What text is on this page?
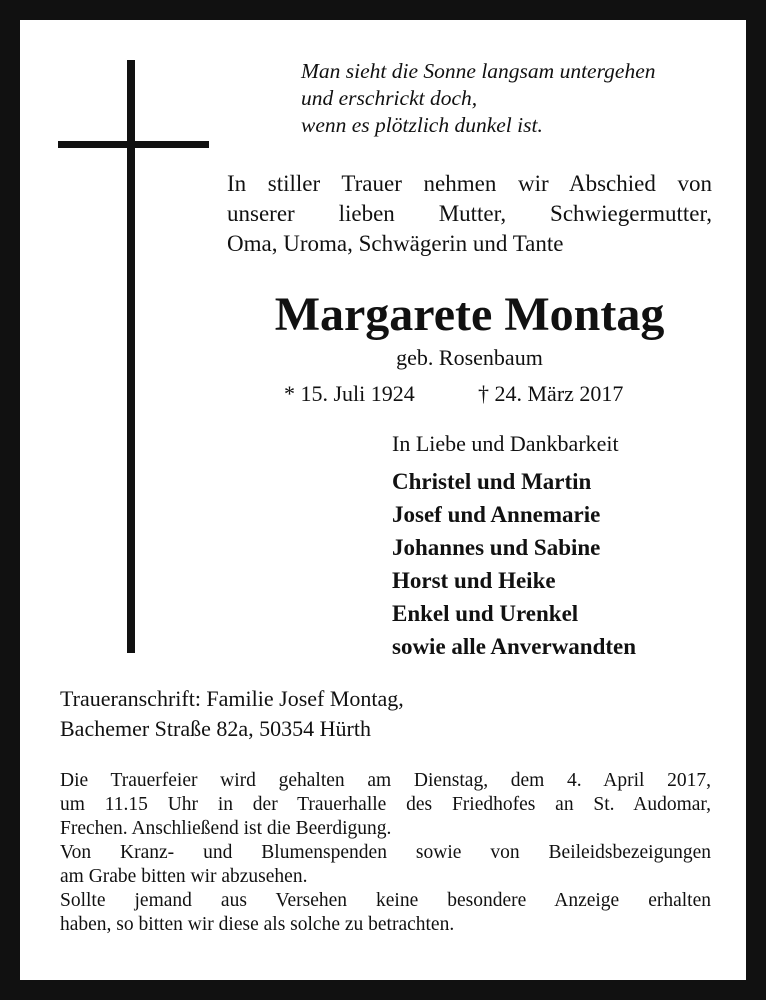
Man sieht die Sonne langsam untergehen
und erschrickt doch,
wenn es plötzlich dunkel ist.
In stiller Trauer nehmen wir Abschied von
unserer lieben Mutter, Schwiegermutter,
Oma, Uroma, Schwägerin und Tante
Margarete Montag
geb. Rosenbaum
* 15. Juli 1924	† 24. März 2017
In Liebe und Dankbarkeit
Christel und Martin
Josef und Annemarie
Johannes und Sabine
Horst und Heike
Enkel und Urenkel
sowie alle Anverwandten
Traueranschrift: Familie Josef Montag,
Bachemer Straße 82a, 50354 Hürth
Die Trauerfeier wird gehalten am Dienstag, dem 4. April 2017,
um 11.15 Uhr in der Trauerhalle des Friedhofes an St. Audomar,
Frechen. Anschließend ist die Beerdigung.
Von Kranz- und Blumenspenden sowie von Beileidsbezeigungen
am Grabe bitten wir abzusehen.
Sollte jemand aus Versehen keine besondere Anzeige erhalten
haben, so bitten wir diese als solche zu betrachten.
